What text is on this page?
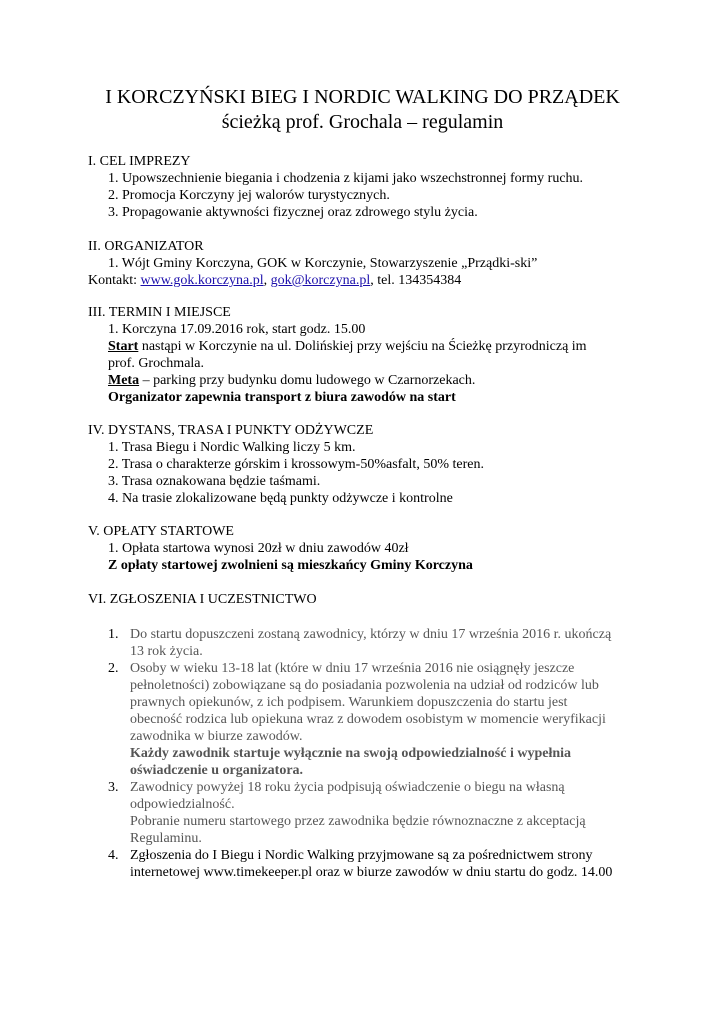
I KORCZYŃSKI BIEG I NORDIC WALKING DO PRZĄDEK
ścieżką prof. Grochala – regulamin
I. CEL IMPREZY
1. Upowszechnienie biegania i chodzenia z kijami jako wszechstronnej formy ruchu.
2. Promocja Korczyny jej walorów turystycznych.
3. Propagowanie aktywności fizycznej oraz zdrowego stylu życia.
II. ORGANIZATOR
1. Wójt Gminy Korczyna, GOK w Korczynie, Stowarzyszenie „Prządki-ski”
Kontakt: www.gok.korczyna.pl, gok@korczyna.pl, tel. 134354384
III. TERMIN I MIEJSCE
1. Korczyna 17.09.2016 rok, start godz. 15.00
Start nastąpi w Korczynie na ul. Dolińskiej przy wejściu na Ścieżkę przyrodniczą im
prof. Grochmala.
Meta – parking przy budynku domu ludowego w Czarnorzekach.
Organizator zapewnia transport z biura zawodów na start
IV. DYSTANS, TRASA I PUNKTY ODŻYWCZE
1. Trasa Biegu i Nordic Walking liczy 5 km.
2. Trasa o charakterze górskim i krossowym-50%asfalt, 50% teren.
3. Trasa oznakowana będzie taśmami.
4. Na trasie zlokalizowane będą punkty odżywcze i kontrolne
V. OPŁATY STARTOWE
1. Opłata startowa wynosi 20zł w dniu zawodów 40zł
Z opłaty startowej zwolnieni są mieszkańcy Gminy Korczyna
VI. ZGŁOSZENIA I UCZESTNICTWO
1. Do startu dopuszczeni zostaną zawodnicy, którzy w dniu 17 września 2016 r. ukończą
13 rok życia.
2. Osoby w wieku 13-18 lat (które w dniu 17 września 2016 nie osiągnęły jeszcze
pełnoletności) zobowiązane są do posiadania pozwolenia na udział od rodziców lub
prawnych opiekunów, z ich podpisem. Warunkiem dopuszczenia do startu jest
obecność rodzica lub opiekuna wraz z dowodem osobistym w momencie weryfikacji
zawodnika w biurze zawodów.
Każdy zawodnik startuje wyłącznie na swoją odpowiedzialność i wypełnia
oświadczenie u organizatora.
3. Zawodnicy powyżej 18 roku życia podpisują oświadczenie o biegu na własną
odpowiedzialność.
Pobranie numeru startowego przez zawodnika będzie równoznaczne z akceptacją
Regulaminu.
4. Zgłoszenia do I Biegu i Nordic Walking przyjmowane są za pośrednictwem strony
internetowej www.timekeeper.pl oraz w biurze zawodów w dniu startu do godz. 14.00
